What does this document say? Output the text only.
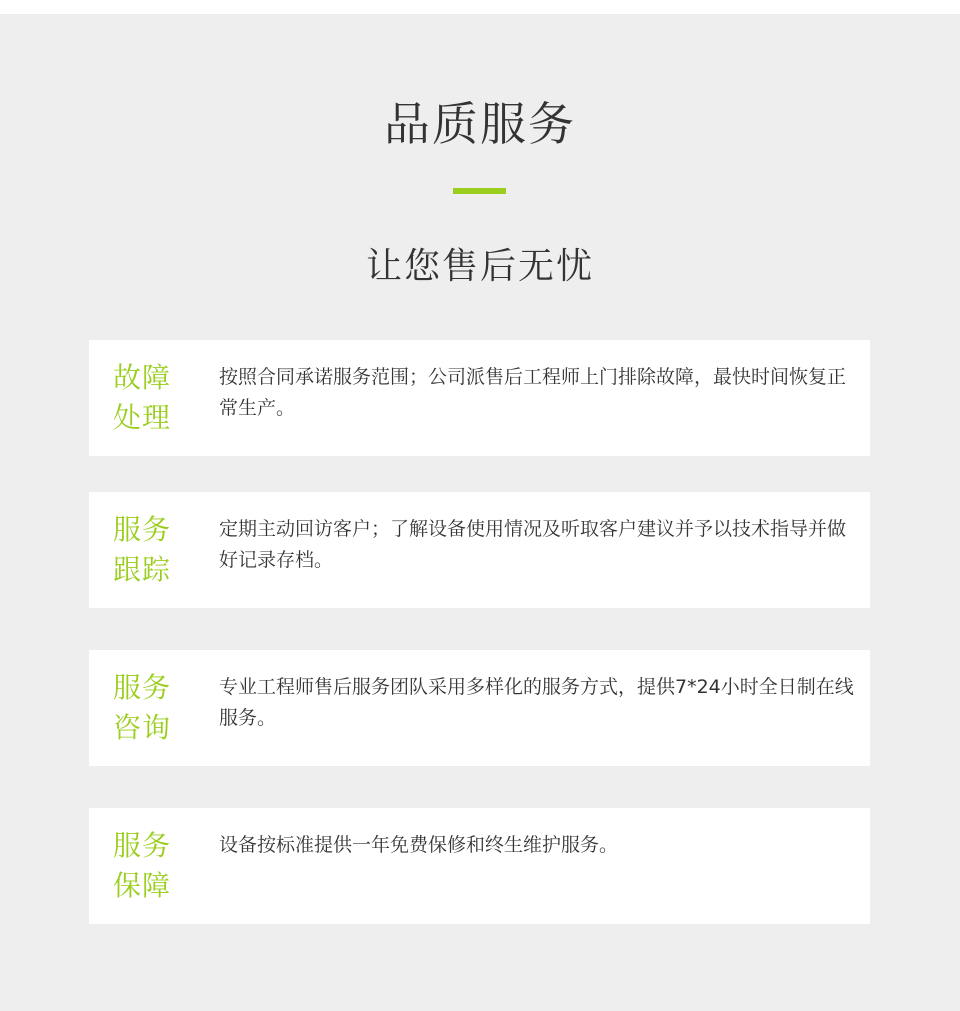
品质服务
让您售后无忧
故障处理
按照合同承诺服务范围；公司派售后工程师上门排除故障，最快时间恢复正常生产。
服务跟踪
定期主动回访客户；了解设备使用情况及听取客户建议并予以技术指导并做好记录存档。
服务咨询
专业工程师售后服务团队采用多样化的服务方式，提供7*24小时全日制在线服务。
服务保障
设备按标准提供一年免费保修和终生维护服务。
